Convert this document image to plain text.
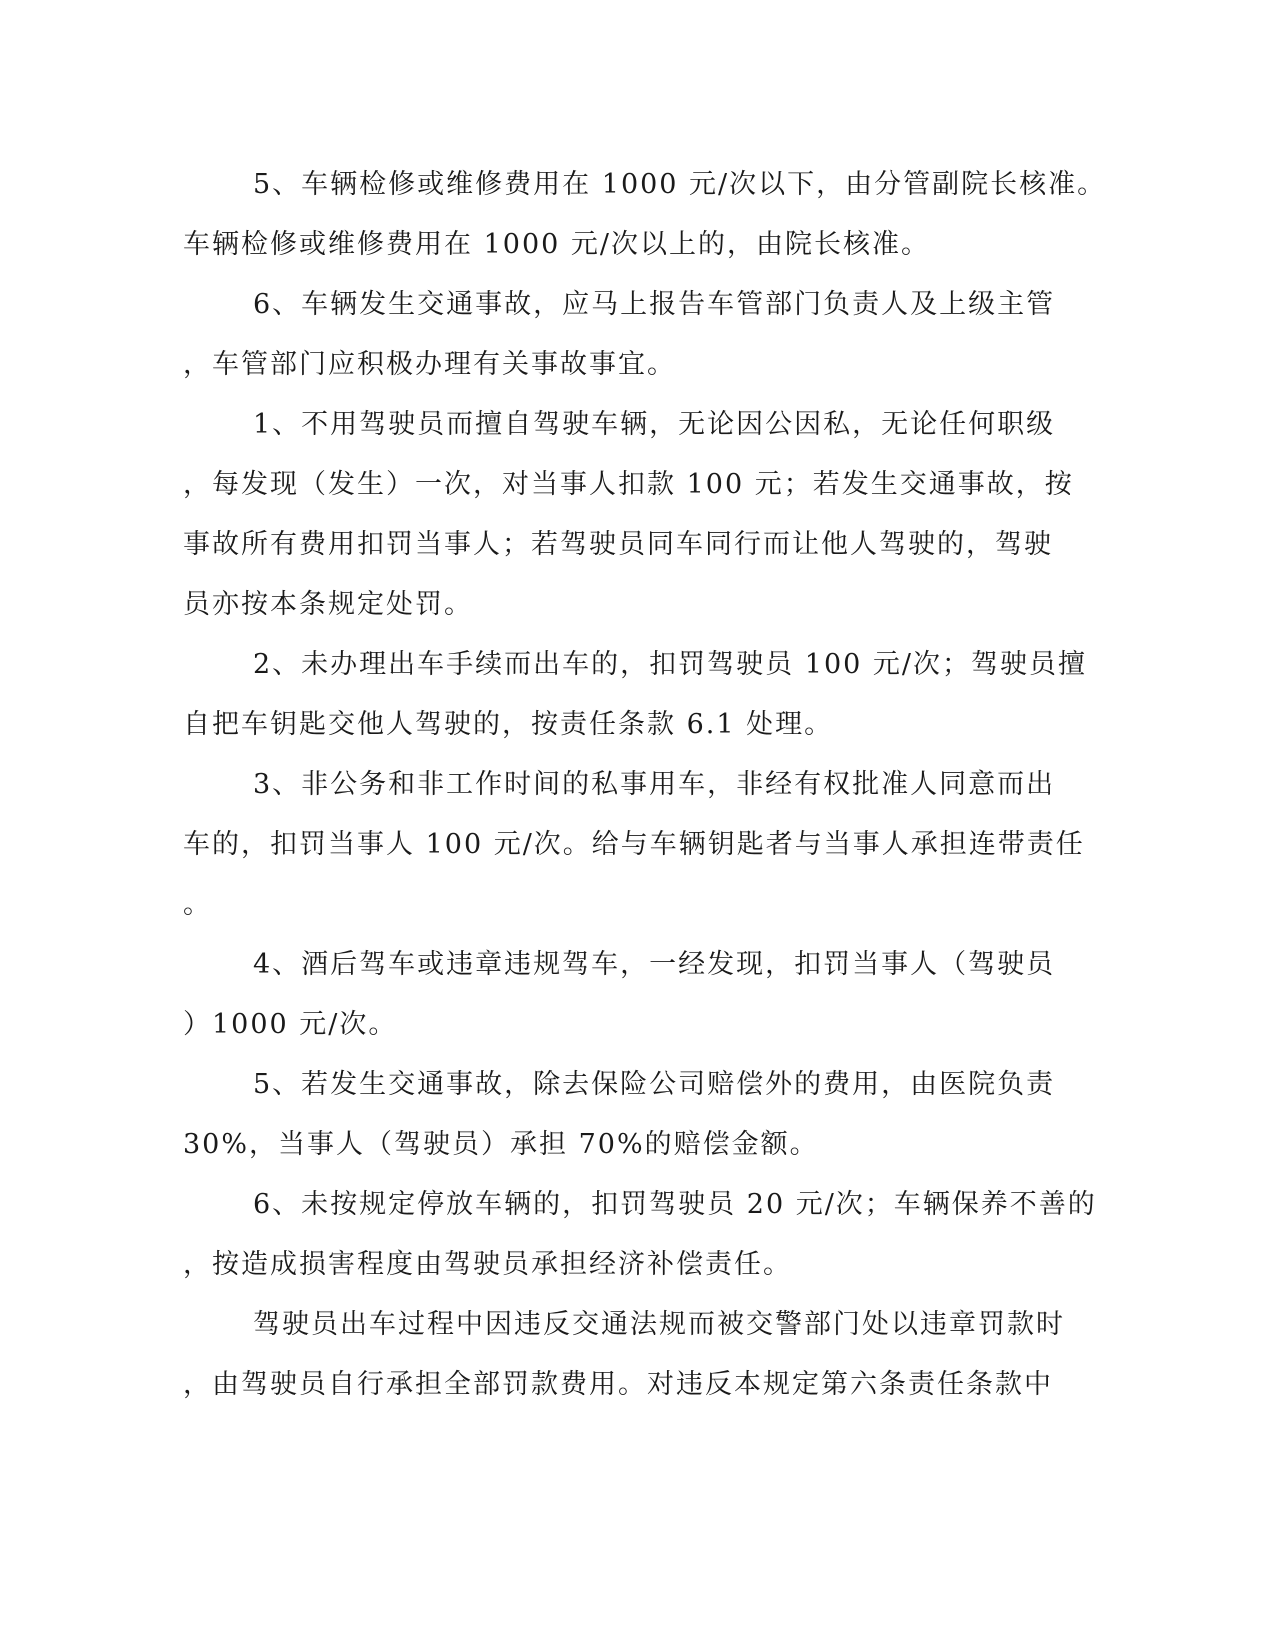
5、车辆检修或维修费用在 1000 元/次以下，由分管副院长核准。
车辆检修或维修费用在 1000 元/次以上的，由院长核准。
6、车辆发生交通事故，应马上报告车管部门负责人及上级主管
，车管部门应积极办理有关事故事宜。
1、不用驾驶员而擅自驾驶车辆，无论因公因私，无论任何职级
，每发现（发生）一次，对当事人扣款 100 元；若发生交通事故，按
事故所有费用扣罚当事人；若驾驶员同车同行而让他人驾驶的，驾驶
员亦按本条规定处罚。
2、未办理出车手续而出车的，扣罚驾驶员 100 元/次；驾驶员擅
自把车钥匙交他人驾驶的，按责任条款 6.1 处理。
3、非公务和非工作时间的私事用车，非经有权批准人同意而出
车的，扣罚当事人 100 元/次。给与车辆钥匙者与当事人承担连带责任
。
4、酒后驾车或违章违规驾车，一经发现，扣罚当事人（驾驶员
）1000 元/次。
5、若发生交通事故，除去保险公司赔偿外的费用，由医院负责
30%，当事人（驾驶员）承担 70%的赔偿金额。
6、未按规定停放车辆的，扣罚驾驶员 20 元/次；车辆保养不善的
，按造成损害程度由驾驶员承担经济补偿责任。
驾驶员出车过程中因违反交通法规而被交警部门处以违章罚款时
，由驾驶员自行承担全部罚款费用。对违反本规定第六条责任条款中
